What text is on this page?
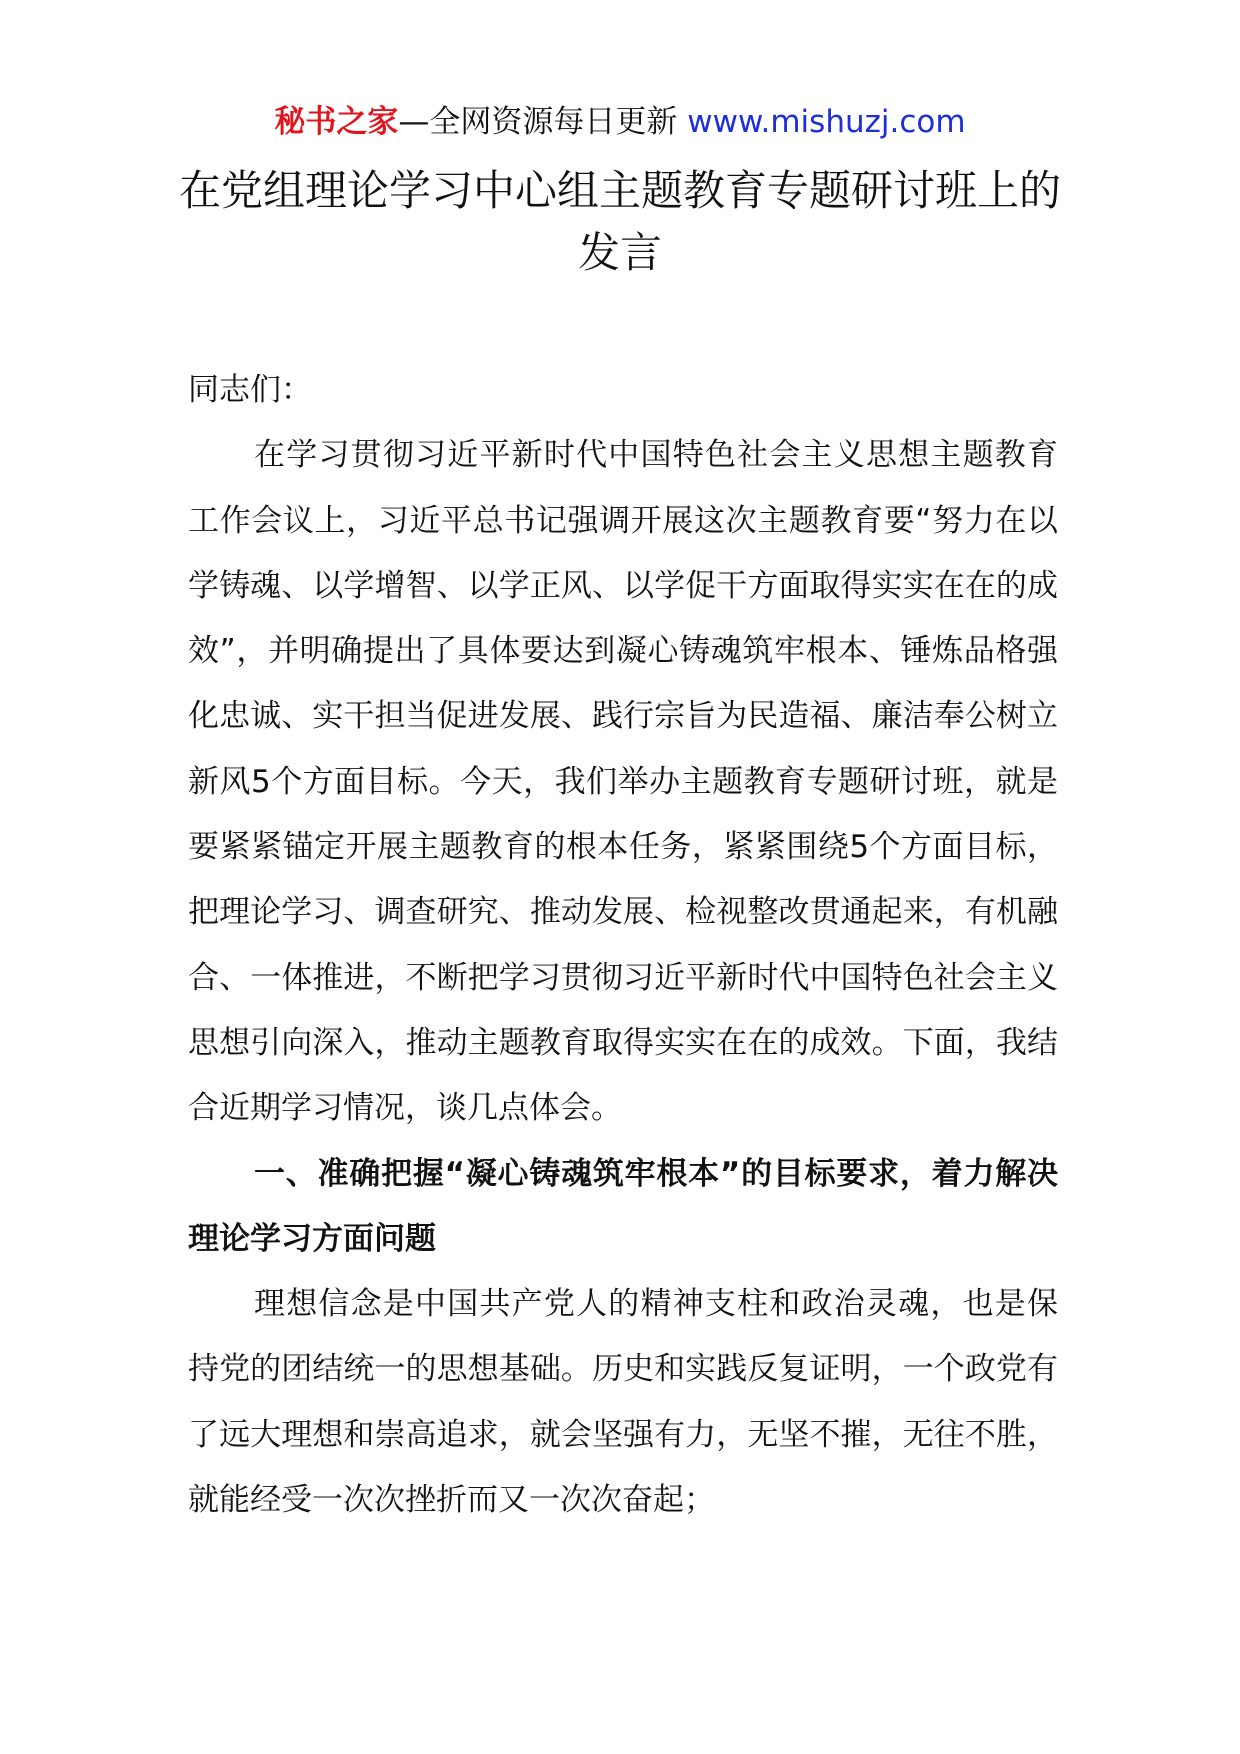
秘书之家—全网资源每日更新 www.mishuzj.com
在党组理论学习中心组主题教育专题研讨班上的发言

同志们：

在学习贯彻习近平新时代中国特色社会主义思想主题教育工作会议上，习近平总书记强调开展这次主题教育要“努力在以学铸魂、以学增智、以学正风、以学促干方面取得实实在在的成效”，并明确提出了具体要达到凝心铸魂筑牢根本、锤炼品格强化忠诚、实干担当促进发展、践行宗旨为民造福、廉洁奉公树立新风5个方面目标。今天，我们举办主题教育专题研讨班，就是要紧紧锚定开展主题教育的根本任务，紧紧围绕5个方面目标，把理论学习、调查研究、推动发展、检视整改贯通起来，有机融合、一体推进，不断把学习贯彻习近平新时代中国特色社会主义思想引向深入，推动主题教育取得实实在在的成效。下面，我结合近期学习情况，谈几点体会。

一、准确把握“凝心铸魂筑牢根本”的目标要求，着力解决理论学习方面问题

理想信念是中国共产党人的精神支柱和政治灵魂，也是保持党的团结统一的思想基础。历史和实践反复证明，一个政党有了远大理想和崇高追求，就会坚强有力，无坚不摧，无往不胜，就能经受一次次挫折而又一次次奋起；
